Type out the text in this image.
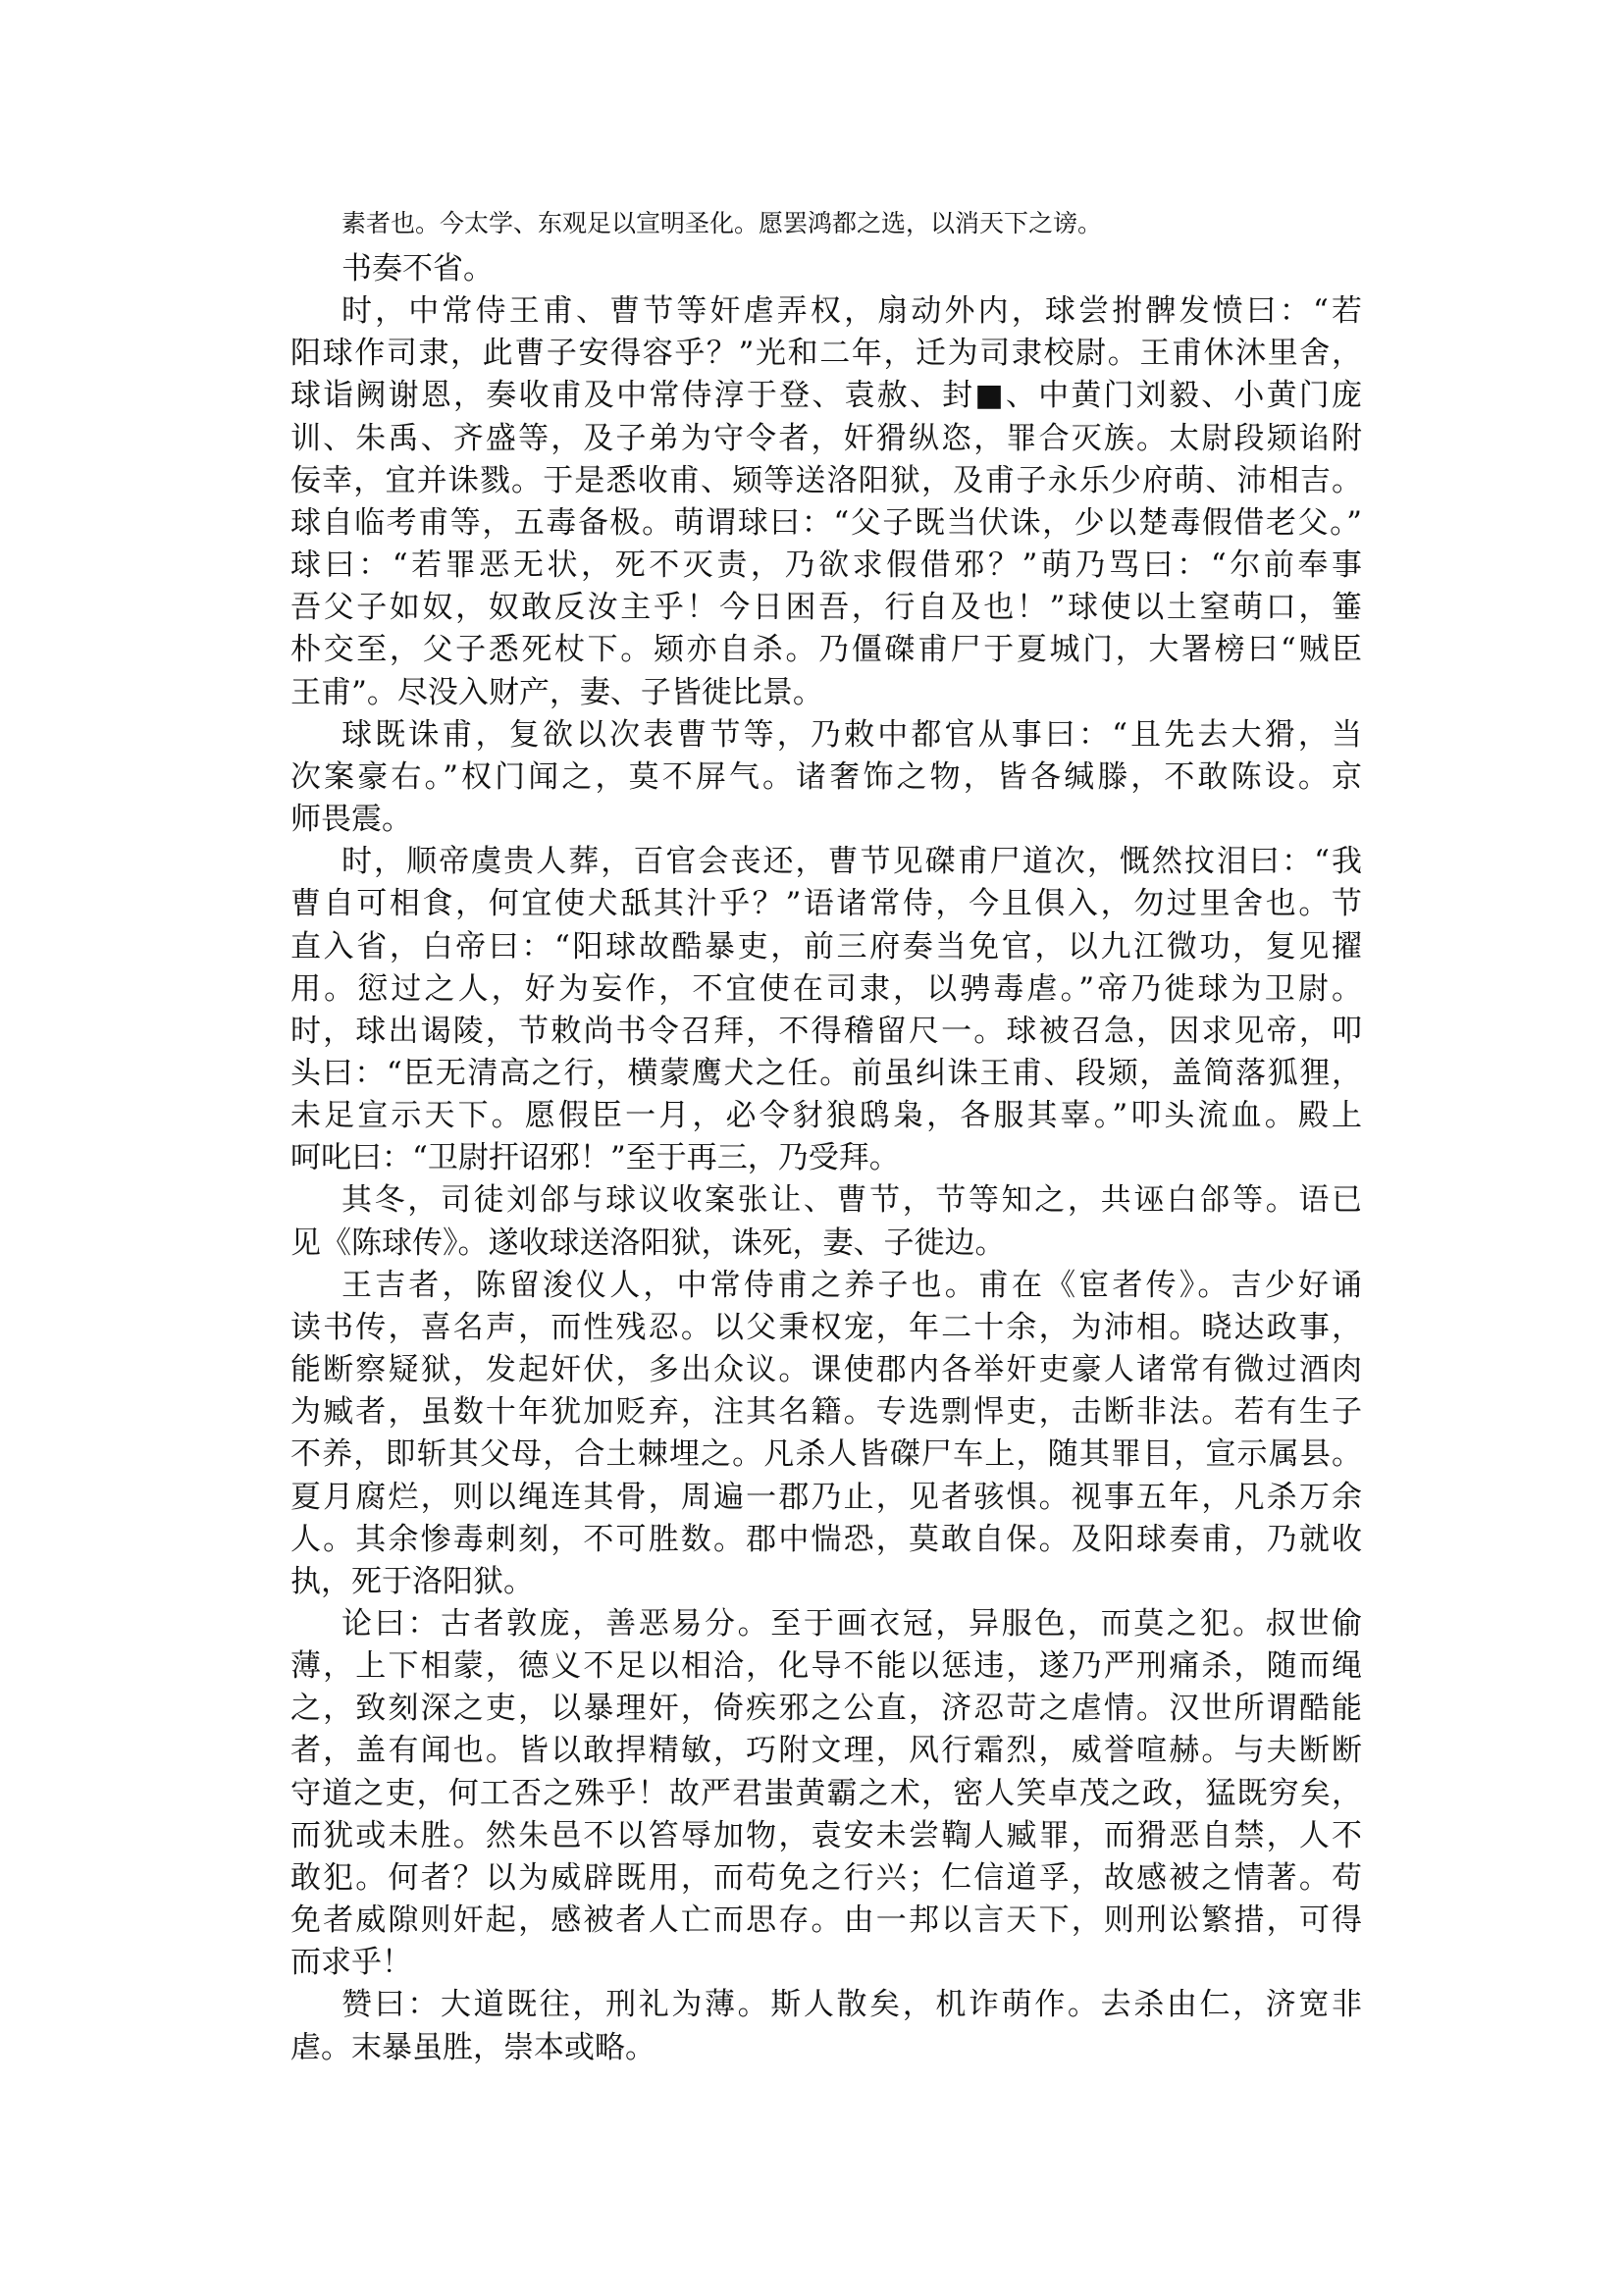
素者也。今太学、东观足以宣明圣化。愿罢鸿都之选，以消天下之谤。
书奏不省。
时，中常侍王甫、曹节等奸虐弄权，扇动外内，球尝拊髀发愤曰：“若
阳球作司隶，此曹子安得容乎？”光和二年，迁为司隶校尉。王甫休沐里舍，
球诣阙谢恩，奏收甫及中常侍淳于登、袁赦、封■、中黄门刘毅、小黄门庞
训、朱禹、齐盛等，及子弟为守令者，奸猾纵恣，罪合灭族。太尉段颎谄附
佞幸，宜并诛戮。于是悉收甫、颎等送洛阳狱，及甫子永乐少府萌、沛相吉。
球自临考甫等，五毒备极。萌谓球曰：“父子既当伏诛，少以楚毒假借老父。”
球曰：“若罪恶无状，死不灭责，乃欲求假借邪？”萌乃骂曰：“尔前奉事
吾父子如奴，奴敢反汝主乎！今日困吾，行自及也！”球使以土窒萌口，箠
朴交至，父子悉死杖下。颎亦自杀。乃僵磔甫尸于夏城门，大署榜曰“贼臣
王甫”。尽没入财产，妻、子皆徙比景。
球既诛甫，复欲以次表曹节等，乃敕中都官从事曰：“且先去大猾，当
次案豪右。”权门闻之，莫不屏气。诸奢饰之物，皆各缄滕，不敢陈设。京
师畏震。
时，顺帝虞贵人葬，百官会丧还，曹节见磔甫尸道次，慨然抆泪曰：“我
曹自可相食，何宜使犬舐其汁乎？”语诸常侍，今且俱入，勿过里舍也。节
直入省，白帝曰：“阳球故酷暴吏，前三府奏当免官，以九江微功，复见擢
用。愆过之人，好为妄作，不宜使在司隶，以骋毒虐。”帝乃徙球为卫尉。
时，球出谒陵，节敕尚书令召拜，不得稽留尺一。球被召急，因求见帝，叩
头曰：“臣无清高之行，横蒙鹰犬之任。前虽纠诛王甫、段颎，盖简落狐狸，
未足宣示天下。愿假臣一月，必令豺狼鸱枭，各服其辜。”叩头流血。殿上
呵叱曰：“卫尉扞诏邪！”至于再三，乃受拜。
其冬，司徒刘郃与球议收案张让、曹节，节等知之，共诬白郃等。语已
见《陈球传》。遂收球送洛阳狱，诛死，妻、子徙边。
王吉者，陈留浚仪人，中常侍甫之养子也。甫在《宦者传》。吉少好诵
读书传，喜名声，而性残忍。以父秉权宠，年二十余，为沛相。晓达政事，
能断察疑狱，发起奸伏，多出众议。课使郡内各举奸吏豪人诸常有微过酒肉
为臧者，虽数十年犹加贬弃，注其名籍。专选剽悍吏，击断非法。若有生子
不养，即斩其父母，合土棘埋之。凡杀人皆磔尸车上，随其罪目，宣示属县。
夏月腐烂，则以绳连其骨，周遍一郡乃止，见者骇惧。视事五年，凡杀万余
人。其余惨毒刺刻，不可胜数。郡中惴恐，莫敢自保。及阳球奏甫，乃就收
执，死于洛阳狱。
论曰：古者敦庞，善恶易分。至于画衣冠，异服色，而莫之犯。叔世偷
薄，上下相蒙，德义不足以相洽，化导不能以惩违，遂乃严刑痛杀，随而绳
之，致刻深之吏，以暴理奸，倚疾邪之公直，济忍苛之虐情。汉世所谓酷能
者，盖有闻也。皆以敢捍精敏，巧附文理，风行霜烈，威誉喧赫。与夫断断
守道之吏，何工否之殊乎！故严君蚩黄霸之术，密人笑卓茂之政，猛既穷矣，
而犹或未胜。然朱邑不以笞辱加物，袁安未尝鞫人臧罪，而猾恶自禁，人不
敢犯。何者？以为威辟既用，而苟免之行兴；仁信道孚，故感被之情著。苟
免者威隙则奸起，感被者人亡而思存。由一邦以言天下，则刑讼繁措，可得
而求乎！
赞曰：大道既往，刑礼为薄。斯人散矣，机诈萌作。去杀由仁，济宽非
虐。末暴虽胜，崇本或略。
